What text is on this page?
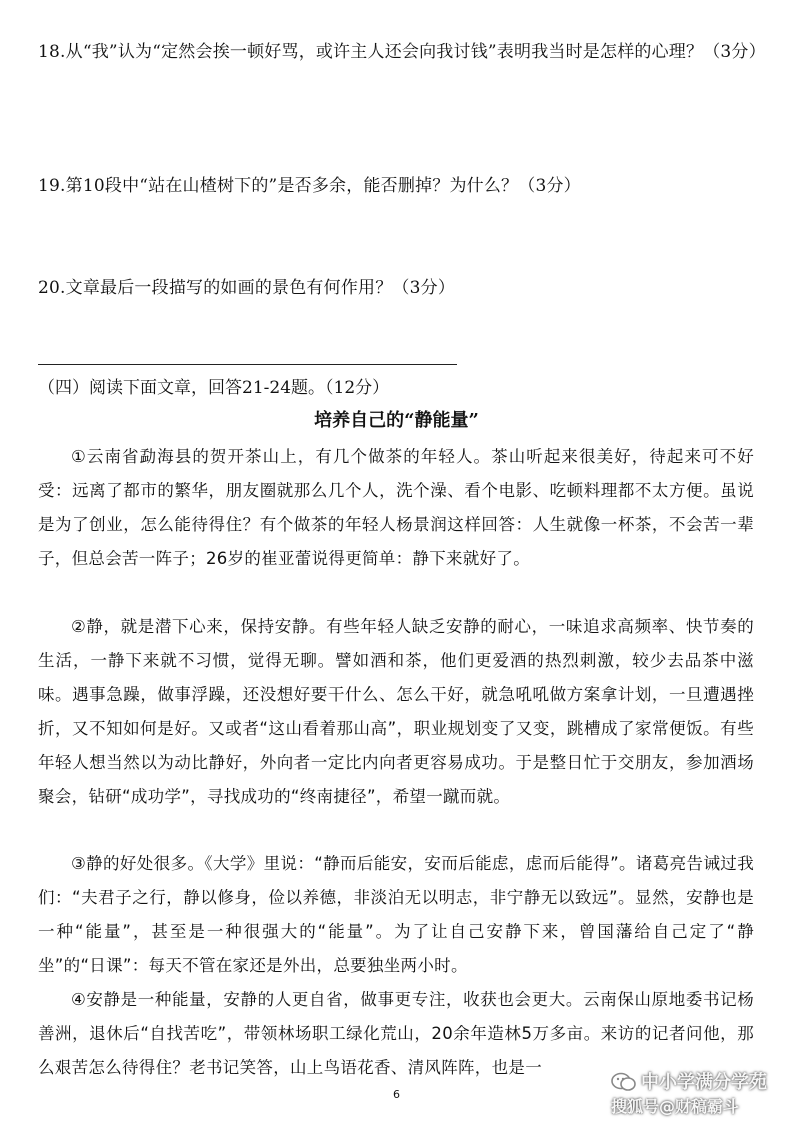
18.从“我”认为“定然会挨一顿好骂，或许主人还会向我讨钱”表明我当时是怎样的心理？（3分）
19.第10段中“站在山楂树下的”是否多余，能否删掉？为什么？（3分）
20.文章最后一段描写的如画的景色有何作用？（3分）
（四）阅读下面文章，回答21-24题。（12分）
培养自己的“静能量”
①云南省勐海县的贺开茶山上，有几个做茶的年轻人。茶山听起来很美好，待起来可不好受：远离了都市的繁华，朋友圈就那么几个人，洗个澡、看个电影、吃顿料理都不太方便。虽说是为了创业，怎么能待得住？有个做茶的年轻人杨景润这样回答：人生就像一杯茶，不会苦一辈子，但总会苦一阵子；26岁的崔亚蕾说得更简单：静下来就好了。
②静，就是潜下心来，保持安静。有些年轻人缺乏安静的耐心，一味追求高频率、快节奏的生活，一静下来就不习惯，觉得无聊。譬如酒和茶，他们更爱酒的热烈刺激，较少去品茶中滋味。遇事急躁，做事浮躁，还没想好要干什么、怎么干好，就急吼吼做方案拿计划，一旦遭遇挫折，又不知如何是好。又或者“这山看着那山高”，职业规划变了又变，跳槽成了家常便饭。有些年轻人想当然以为动比静好，外向者一定比内向者更容易成功。于是整日忙于交朋友，参加酒场聚会，钻研“成功学”，寻找成功的“终南捷径”，希望一蹴而就。
③静的好处很多。《大学》里说：“静而后能安，安而后能虑，虑而后能得”。诸葛亮告诫过我们：“夫君子之行，静以修身，俭以养德，非淡泊无以明志，非宁静无以致远”。显然，安静也是一种“能量”，甚至是一种很强大的“能量”。为了让自己安静下来，曾国藩给自己定了“静坐”的“日课”：每天不管在家还是外出，总要独坐两小时。
④安静是一种能量，安静的人更自省，做事更专注，收获也会更大。云南保山原地委书记杨善洲，退休后“自找苦吃”，带领林场职工绿化荒山，20余年造林5万多亩。来访的记者问他，那么艰苦怎么待得住？老书记笑答，山上鸟语花香、清风阵阵，也是一
6
中小学满分学苑
搜狐号@财稿霸斗
